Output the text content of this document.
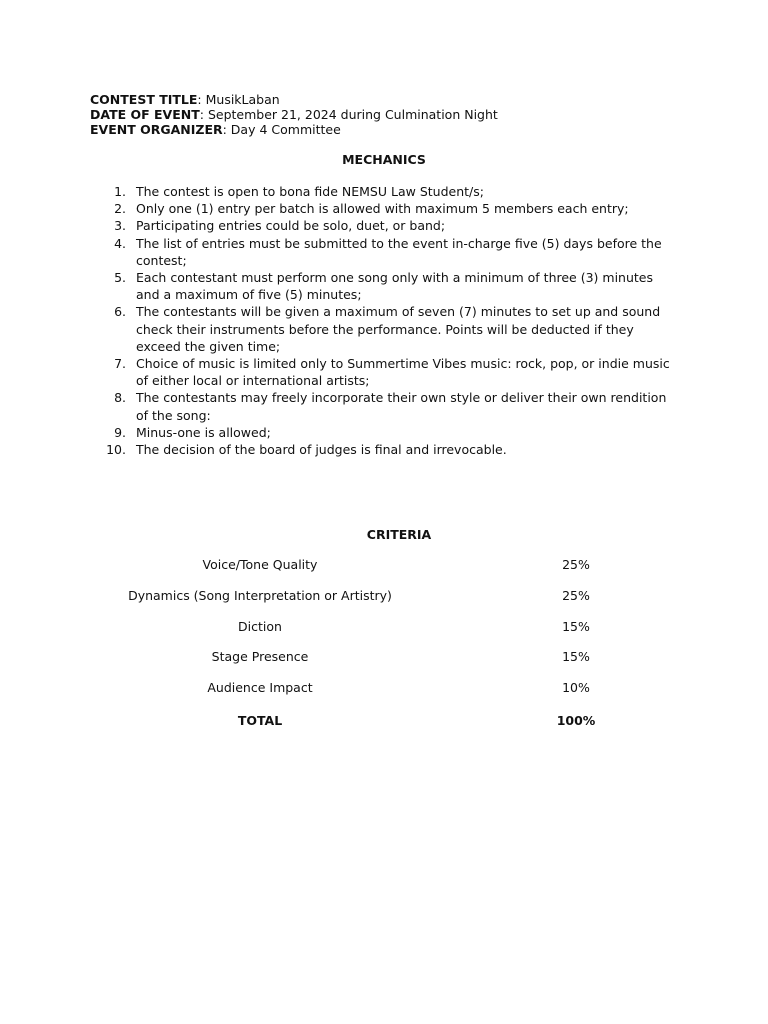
CONTEST TITLE: MusikLaban
DATE OF EVENT: September 21, 2024 during Culmination Night
EVENT ORGANIZER: Day 4 Committee
MECHANICS
1. The contest is open to bona fide NEMSU Law Student/s;
2. Only one (1) entry per batch is allowed with maximum 5 members each entry;
3. Participating entries could be solo, duet, or band;
4. The list of entries must be submitted to the event in-charge five (5) days before the contest;
5. Each contestant must perform one song only with a minimum of three (3) minutes and a maximum of five (5) minutes;
6. The contestants will be given a maximum of seven (7) minutes to set up and sound check their instruments before the performance. Points will be deducted if they exceed the given time;
7. Choice of music is limited only to Summertime Vibes music: rock, pop, or indie music of either local or international artists;
8. The contestants may freely incorporate their own style or deliver their own rendition of the song:
9. Minus-one is allowed;
10. The decision of the board of judges is final and irrevocable.
CRITERIA
Voice/Tone Quality	25%
Dynamics (Song Interpretation or Artistry)	25%
Diction	15%
Stage Presence	15%
Audience Impact	10%
TOTAL	100%
